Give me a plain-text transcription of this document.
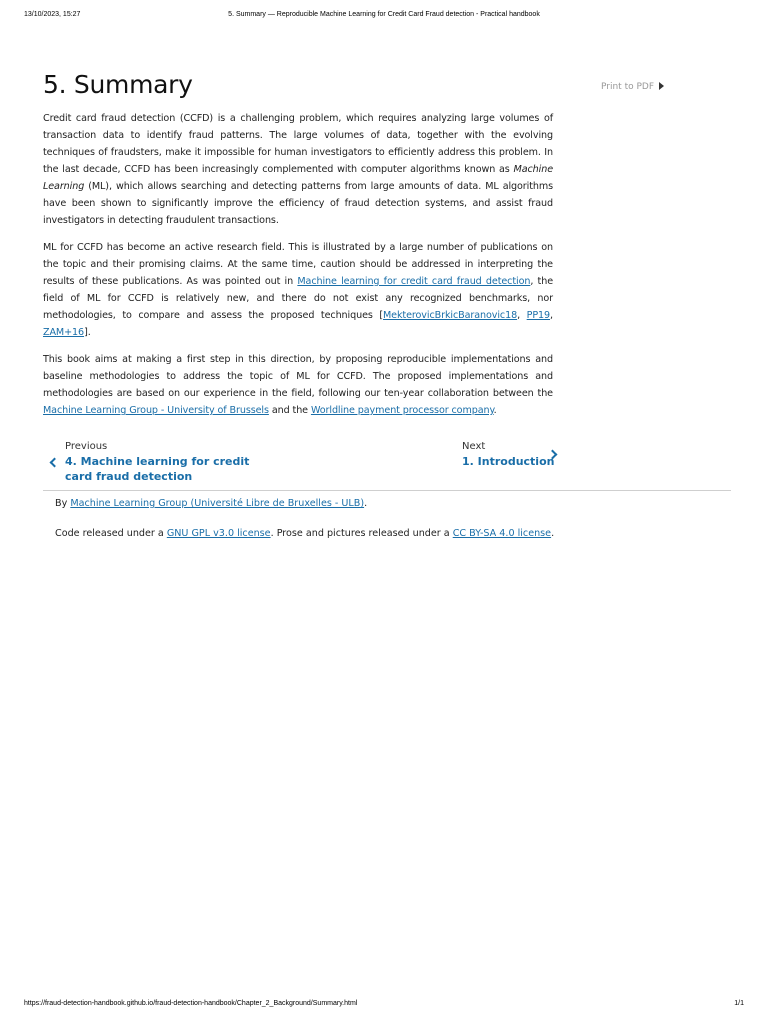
13/10/2023, 15:27	5. Summary — Reproducible Machine Learning for Credit Card Fraud detection - Practical handbook
Print to PDF
5. Summary

Credit card fraud detection (CCFD) is a challenging problem, which requires analyzing large volumes of transaction data to identify fraud patterns. The large volumes of data, together with the evolving techniques of fraudsters, make it impossible for human investigators to efficiently address this problem. In the last decade, CCFD has been increasingly complemented with computer algorithms known as Machine Learning (ML), which allows searching and detecting patterns from large amounts of data. ML algorithms have been shown to significantly improve the efficiency of fraud detection systems, and assist fraud investigators in detecting fraudulent transactions.

ML for CCFD has become an active research field. This is illustrated by a large number of publications on the topic and their promising claims. At the same time, caution should be addressed in interpreting the results of these publications. As was pointed out in Machine learning for credit card fraud detection, the field of ML for CCFD is relatively new, and there do not exist any recognized benchmarks, nor methodologies, to compare and assess the proposed techniques [MekterovicBrkicBaranovic18, PP19, ZAM+16].

This book aims at making a first step in this direction, by proposing reproducible implementations and baseline methodologies to address the topic of ML for CCFD. The proposed implementations and methodologies are based on our experience in the field, following our ten-year collaboration between the Machine Learning Group - University of Brussels and the Worldline payment processor company.

Previous
4. Machine learning for credit card fraud detection
Next
1. Introduction
By Machine Learning Group (Université Libre de Bruxelles - ULB).
Code released under a GNU GPL v3.0 license. Prose and pictures released under a CC BY-SA 4.0 license.
https://fraud-detection-handbook.github.io/fraud-detection-handbook/Chapter_2_Background/Summary.html	1/1
